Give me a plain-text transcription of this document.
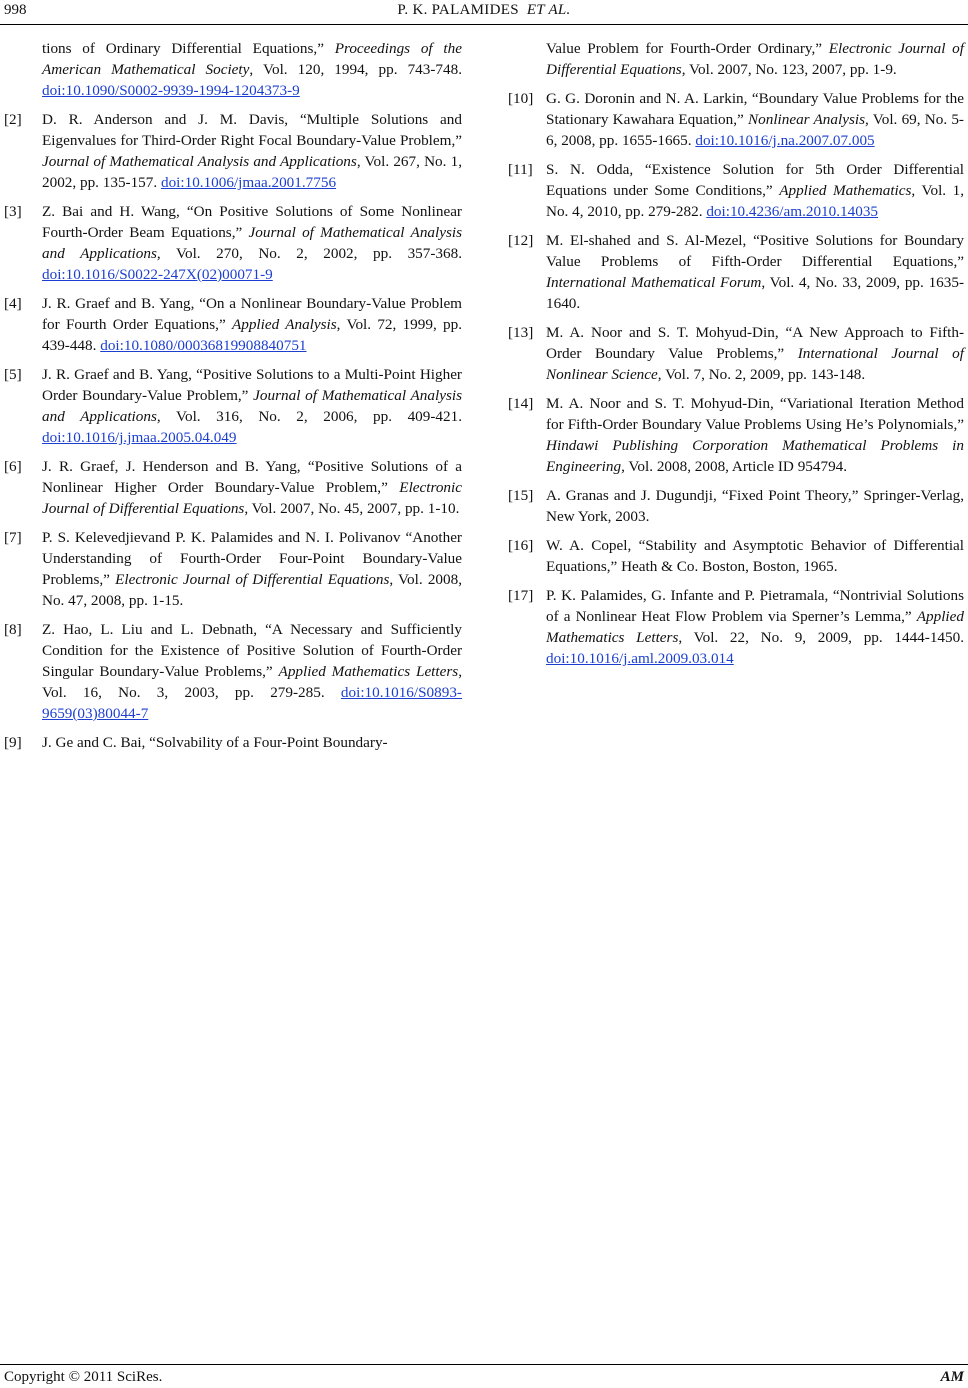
998	P. K. PALAMIDES ET AL.
tions of Ordinary Differential Equations,” Proceedings of the American Mathematical Society, Vol. 120, 1994, pp. 743-748. doi:10.1090/S0002-9939-1994-1204373-9
[2] D. R. Anderson and J. M. Davis, “Multiple Solutions and Eigenvalues for Third-Order Right Focal Boundary-Value Problem,” Journal of Mathematical Analysis and Applications, Vol. 267, No. 1, 2002, pp. 135-157. doi:10.1006/jmaa.2001.7756
[3] Z. Bai and H. Wang, “On Positive Solutions of Some Nonlinear Fourth-Order Beam Equations,” Journal of Mathematical Analysis and Applications, Vol. 270, No. 2, 2002, pp. 357-368. doi:10.1016/S0022-247X(02)00071-9
[4] J. R. Graef and B. Yang, “On a Nonlinear Boundary-Value Problem for Fourth Order Equations,” Applied Analysis, Vol. 72, 1999, pp. 439-448. doi:10.1080/00036819908840751
[5] J. R. Graef and B. Yang, “Positive Solutions to a Multi-Point Higher Order Boundary-Value Problem,” Journal of Mathematical Analysis and Applications, Vol. 316, No. 2, 2006, pp. 409-421. doi:10.1016/j.jmaa.2005.04.049
[6] J. R. Graef, J. Henderson and B. Yang, “Positive Solutions of a Nonlinear Higher Order Boundary-Value Problem,” Electronic Journal of Differential Equations, Vol. 2007, No. 45, 2007, pp. 1-10.
[7] P. S. Kelevedjievand P. K. Palamides and N. I. Polivanov “Another Understanding of Fourth-Order Four-Point Boundary-Value Problems,” Electronic Journal of Differential Equations, Vol. 2008, No. 47, 2008, pp. 1-15.
[8] Z. Hao, L. Liu and L. Debnath, “A Necessary and Sufficiently Condition for the Existence of Positive Solution of Fourth-Order Singular Boundary-Value Problems,” Applied Mathematics Letters, Vol. 16, No. 3, 2003, pp. 279-285. doi:10.1016/S0893-9659(03)80044-7
[9] J. Ge and C. Bai, “Solvability of a Four-Point Boundary-
Value Problem for Fourth-Order Ordinary,” Electronic Journal of Differential Equations, Vol. 2007, No. 123, 2007, pp. 1-9.
[10] G. G. Doronin and N. A. Larkin, “Boundary Value Problems for the Stationary Kawahara Equation,” Nonlinear Analysis, Vol. 69, No. 5-6, 2008, pp. 1655-1665. doi:10.1016/j.na.2007.07.005
[11] S. N. Odda, “Existence Solution for 5th Order Differential Equations under Some Conditions,” Applied Mathematics, Vol. 1, No. 4, 2010, pp. 279-282. doi:10.4236/am.2010.14035
[12] M. El-shahed and S. Al-Mezel, “Positive Solutions for Boundary Value Problems of Fifth-Order Differential Equations,” International Mathematical Forum, Vol. 4, No. 33, 2009, pp. 1635-1640.
[13] M. A. Noor and S. T. Mohyud-Din, “A New Approach to Fifth-Order Boundary Value Problems,” International Journal of Nonlinear Science, Vol. 7, No. 2, 2009, pp. 143-148.
[14] M. A. Noor and S. T. Mohyud-Din, “Variational Iteration Method for Fifth-Order Boundary Value Problems Using He’s Polynomials,” Hindawi Publishing Corporation Mathematical Problems in Engineering, Vol. 2008, 2008, Article ID 954794.
[15] A. Granas and J. Dugundji, “Fixed Point Theory,” Springer-Verlag, New York, 2003.
[16] W. A. Copel, “Stability and Asymptotic Behavior of Differential Equations,” Heath & Co. Boston, Boston, 1965.
[17] P. K. Palamides, G. Infante and P. Pietramala, “Nontrivial Solutions of a Nonlinear Heat Flow Problem via Sperner’s Lemma,” Applied Mathematics Letters, Vol. 22, No. 9, 2009, pp. 1444-1450. doi:10.1016/j.aml.2009.03.014
Copyright © 2011 SciRes.	AM
